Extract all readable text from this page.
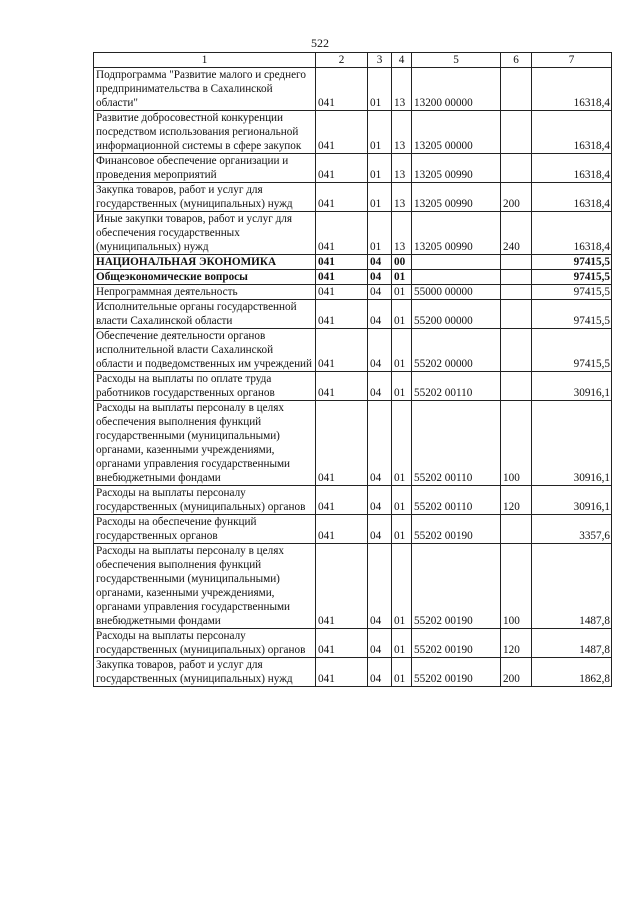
522
1	2	3	4	5	6	7
Подпрограмма "Развитие малого и среднего предпринимательства в Сахалинской области"	041	01	13	13200 00000		16318,4
Развитие добросовестной конкуренции посредством использования региональной информационной системы в сфере закупок	041	01	13	13205 00000		16318,4
Финансовое обеспечение организации и проведения мероприятий	041	01	13	13205 00990		16318,4
Закупка товаров, работ и услуг для государственных (муниципальных) нужд	041	01	13	13205 00990	200	16318,4
Иные закупки товаров, работ и услуг для обеспечения государственных (муниципальных) нужд	041	01	13	13205 00990	240	16318,4
НАЦИОНАЛЬНАЯ ЭКОНОМИКА	041	04	00			97415,5
Общеэкономические вопросы	041	04	01			97415,5
Непрограммная деятельность	041	04	01	55000 00000		97415,5
Исполнительные органы государственной власти Сахалинской области	041	04	01	55200 00000		97415,5
Обеспечение деятельности органов исполнительной власти Сахалинской области и подведомственных им учреждений	041	04	01	55202 00000		97415,5
Расходы на выплаты по оплате труда работников государственных органов	041	04	01	55202 00110		30916,1
Расходы на выплаты персоналу в целях обеспечения выполнения функций государственными (муниципальными) органами, казенными учреждениями, органами управления государственными внебюджетными фондами	041	04	01	55202 00110	100	30916,1
Расходы на выплаты персоналу государственных (муниципальных) органов	041	04	01	55202 00110	120	30916,1
Расходы на обеспечение функций государственных органов	041	04	01	55202 00190		3357,6
Расходы на выплаты персоналу в целях обеспечения выполнения функций государственными (муниципальными) органами, казенными учреждениями, органами управления государственными внебюджетными фондами	041	04	01	55202 00190	100	1487,8
Расходы на выплаты персоналу государственных (муниципальных) органов	041	04	01	55202 00190	120	1487,8
Закупка товаров, работ и услуг для государственных (муниципальных) нужд	041	04	01	55202 00190	200	1862,8
